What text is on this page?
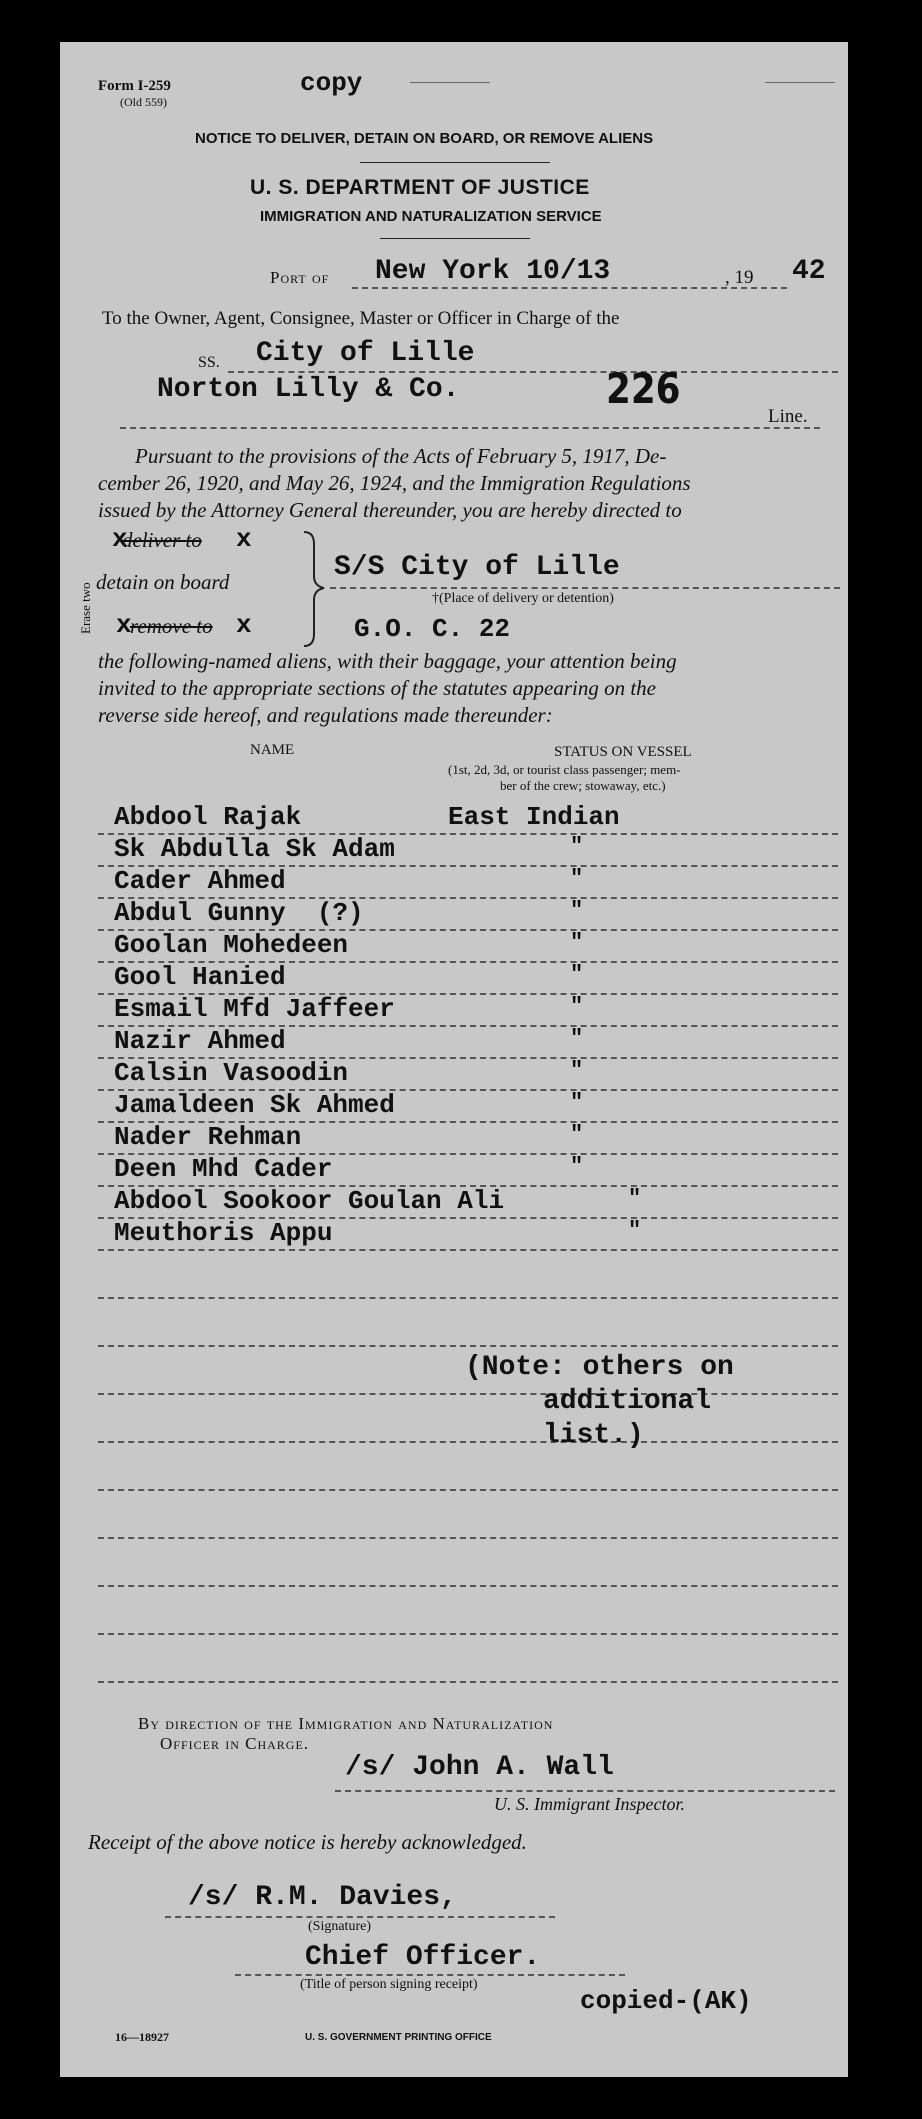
Form I-259
(Old 559)
copy
NOTICE TO DELIVER, DETAIN ON BOARD, OR REMOVE ALIENS
U. S. DEPARTMENT OF JUSTICE
IMMIGRATION AND NATURALIZATION SERVICE
Port of New York 10/13	, 19 42
To the Owner, Agent, Consignee, Master or Officer in Charge of the
SS. City of Lille
Norton Lilly & Co.	226
Line.
Pursuant to the provisions of the Acts of February 5, 1917, De-
cember 26, 1920, and May 26, 1924, and the Immigration Regulations
issued by the Attorney General thereunder, you are hereby directed to
Erase two
deliver to
x	x
detain on board
remove to
x	x
S/S City of Lille
†(Place of delivery or detention)
G.O. C. 22
the following-named aliens, with their baggage, your attention being
invited to the appropriate sections of the statutes appearing on the
reverse side hereof, and regulations made thereunder:
NAME	STATUS ON VESSEL
(1st, 2d, 3d, or tourist class passenger; mem-
ber of the crew; stowaway, etc.)
Abdool Rajak	East Indian
Sk Abdulla Sk Adam	"
Cader Ahmed	"
Abdul Gunny  (?)	"
Goolan Mohedeen	"
Gool Hanied	"
Esmail Mfd Jaffeer	"
Nazir Ahmed	"
Calsin Vasoodin	"
Jamaldeen Sk Ahmed	"
Nader Rehman	"
Deen Mhd Cader	"
Abdool Sookoor Goulan Ali	"
Meuthoris Appu	"
(Note: others on
additional
list.)
By direction of the Immigration and Naturalization
Officer in Charge.
/s/ John A. Wall
U. S. Immigrant Inspector.
Receipt of the above notice is hereby acknowledged.
/s/ R.M. Davies,
(Signature)
Chief Officer.
(Title of person signing receipt)
copied-(AK)
16—18927	U. S. GOVERNMENT PRINTING OFFICE
